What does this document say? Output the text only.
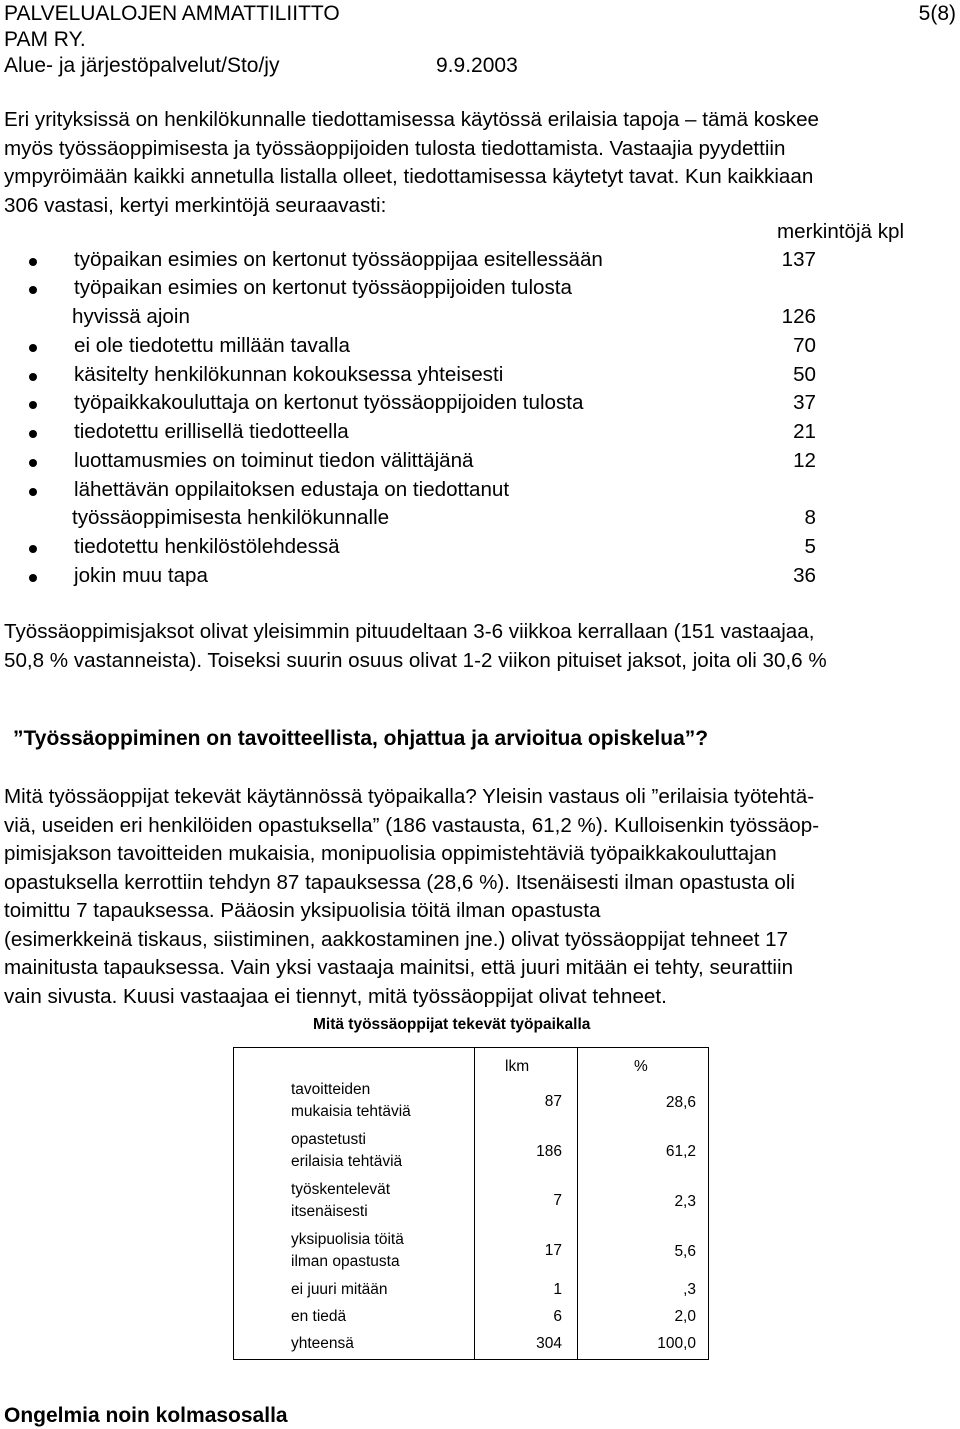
PALVELUALOJEN AMMATTILIITTO	5(8)
PAM RY.
Alue- ja järjestöpalvelut/Sto/jy	9.9.2003
Eri yrityksissä on henkilökunnalle tiedottamisessa käytössä erilaisia tapoja – tämä koskee
myös työssäoppimisesta ja työssäoppijoiden tulosta tiedottamista. Vastaajia pyydettiin
ympyröimään kaikki annetulla listalla olleet, tiedottamisessa käytetyt tavat. Kun kaikkiaan
306 vastasi, kertyi merkintöjä seuraavasti:
merkintöjä kpl
työpaikan esimies on kertonut työssäoppijaa esitellessään	137
työpaikan esimies on kertonut työssäoppijoiden tulosta
hyvissä ajoin	126
ei ole tiedotettu millään tavalla	70
käsitelty henkilökunnan kokouksessa yhteisesti	50
työpaikkakouluttaja on kertonut työssäoppijoiden tulosta	37
tiedotettu erillisellä tiedotteella	21
luottamusmies on toiminut tiedon välittäjänä	12
lähettävän oppilaitoksen edustaja on tiedottanut
työssäoppimisesta henkilökunnalle	8
tiedotettu henkilöstölehdessä	5
jokin muu tapa	36
Työssäoppimisjaksot olivat yleisimmin pituudeltaan 3-6 viikkoa kerrallaan (151 vastaajaa,
50,8 % vastanneista). Toiseksi suurin osuus olivat 1-2 viikon pituiset jaksot, joita oli 30,6 %
”Työssäoppiminen on tavoitteellista, ohjattua ja arvioitua opiskelua”?
Mitä työssäoppijat tekevät käytännössä työpaikalla? Yleisin vastaus oli ”erilaisia työtehtä-
viä, useiden eri henkilöiden opastuksella” (186 vastausta, 61,2 %). Kulloisenkin työssäop-
pimisjakson tavoitteiden mukaisia, monipuolisia oppimistehtäviä työpaikkakouluttajan
opastuksella kerrottiin tehdyn 87 tapauksessa (28,6 %). Itsenäisesti ilman opastusta oli
toimittu 7 tapauksessa. Pääosin yksipuolisia töitä ilman opastusta
(esimerkkeinä tiskaus, siistiminen, aakkostaminen jne.) olivat työssäoppijat tehneet 17
mainitusta tapauksessa. Vain yksi vastaaja mainitsi, että juuri mitään ei tehty, seurattiin
vain sivusta. Kuusi vastaajaa ei tiennyt, mitä työssäoppijat olivat tehneet.
Mitä työssäoppijat tekevät työpaikalla
lkm	%
tavoitteiden
mukaisia tehtäviä
87	28,6
opastetusti
erilaisia tehtäviä
186	61,2
työskentelevät
itsenäisesti
7	2,3
yksipuolisia töitä
ilman opastusta
17	5,6
ei juuri mitään	1	,3
en tiedä	6	2,0
yhteensä	304	100,0
Ongelmia noin kolmasosalla
